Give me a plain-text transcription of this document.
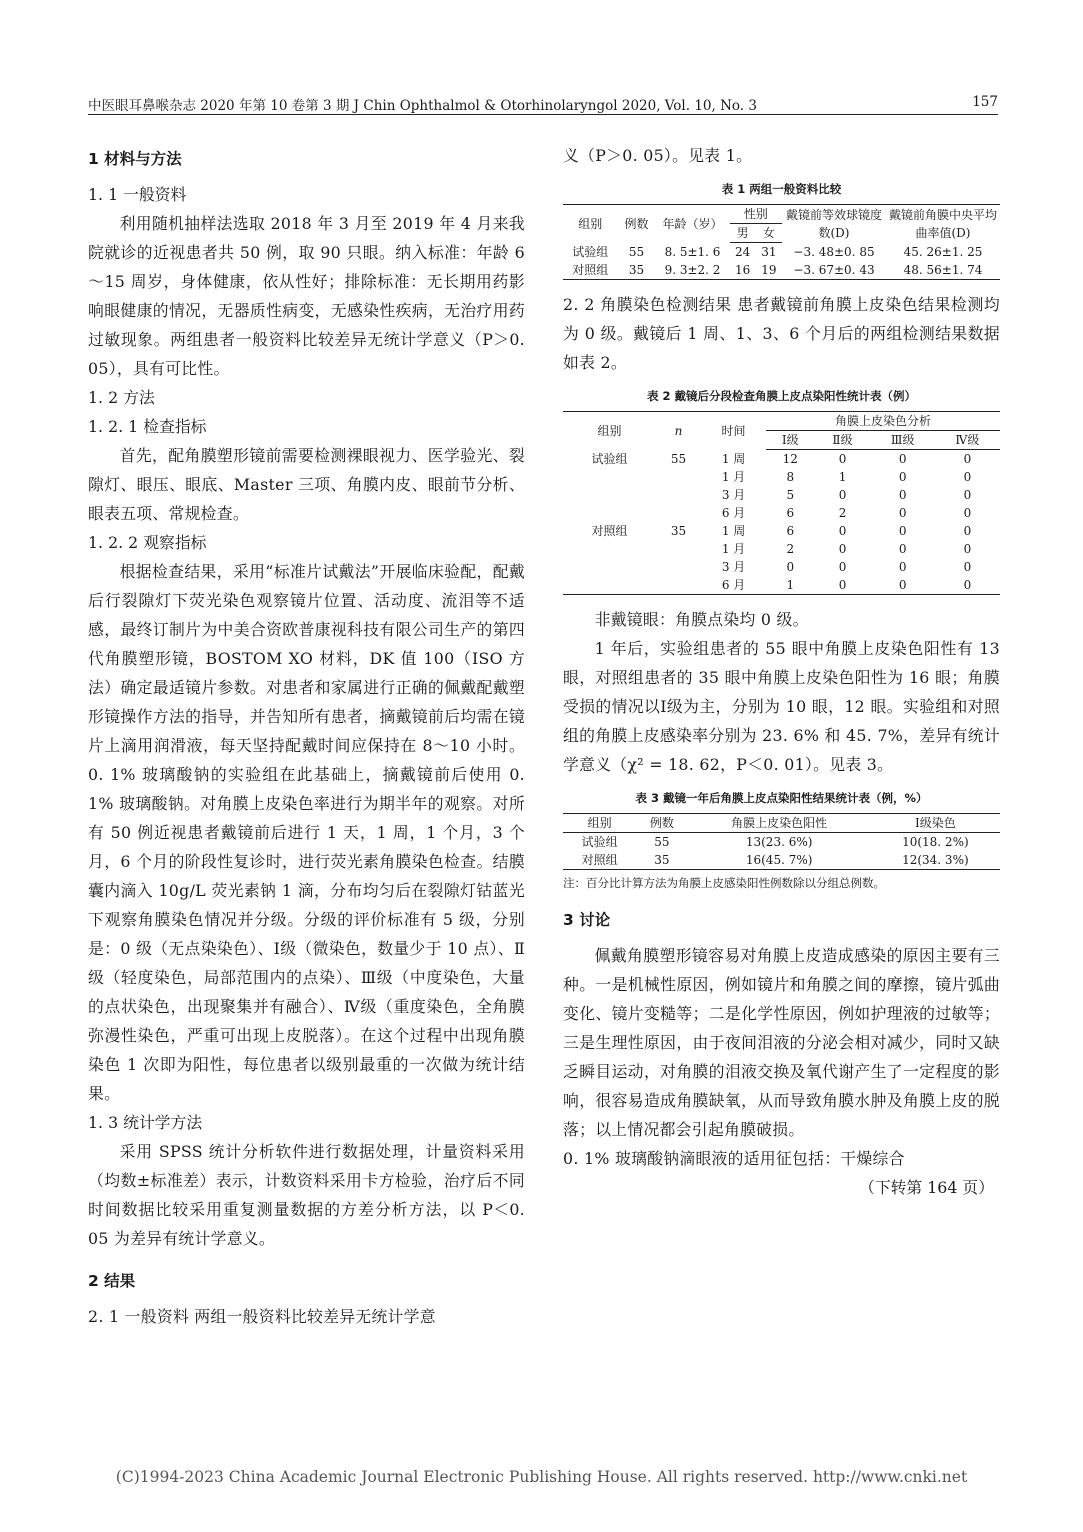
中医眼耳鼻喉杂志 2020 年第 10 卷第 3 期 J Chin Ophthalmol & Otorhinolaryngol 2020, Vol. 10, No. 3	157
1 材料与方法
1. 1 一般资料

利用随机抽样法选取 2018 年 3 月至 2019 年 4 月来我院就诊的近视患者共 50 例，取 90 只眼。纳入标准：年龄 6～15 周岁，身体健康，依从性好；排除标准：无长期用药影响眼健康的情况，无器质性病变，无感染性疾病，无治疗用药过敏现象。两组患者一般资料比较差异无统计学意义（P＞0. 05），具有可比性。

1. 2 方法
1. 2. 1 检查指标

首先，配角膜塑形镜前需要检测裸眼视力、医学验光、裂隙灯、眼压、眼底、Master 三项、角膜内皮、眼前节分析、眼表五项、常规检查。

1. 2. 2 观察指标

根据检查结果，采用“标准片试戴法”开展临床验配，配戴后行裂隙灯下荧光染色观察镜片位置、活动度、流泪等不适感，最终订制片为中美合资欧普康视科技有限公司生产的第四代角膜塑形镜，BOSTOM XO 材料，DK 值 100（ISO 方法）确定最适镜片参数。对患者和家属进行正确的佩戴配戴塑形镜操作方法的指导，并告知所有患者，摘戴镜前后均需在镜片上滴用润滑液，每天坚持配戴时间应保持在 8～10 小时。0. 1% 玻璃酸钠的实验组在此基础上，摘戴镜前后使用 0. 1% 玻璃酸钠。对角膜上皮染色率进行为期半年的观察。对所有 50 例近视患者戴镜前后进行 1 天，1 周，1 个月，3 个月，6 个月的阶段性复诊时，进行荧光素角膜染色检查。结膜囊内滴入 10g/L 荧光素钠 1 滴，分布均匀后在裂隙灯钴蓝光下观察角膜染色情况并分级。分级的评价标准有 5 级，分别是：0 级（无点染染色）、Ⅰ级（微染色，数量少于 10 点）、Ⅱ级（轻度染色，局部范围内的点染）、Ⅲ级（中度染色，大量的点状染色，出现聚集并有融合）、Ⅳ级（重度染色，全角膜弥漫性染色，严重可出现上皮脱落）。在这个过程中出现角膜染色 1 次即为阳性，每位患者以级别最重的一次做为统计结果。

1. 3 统计学方法

采用 SPSS 统计分析软件进行数据处理，计量资料采用（均数±标准差）表示，计数资料采用卡方检验，治疗后不同时间数据比较采用重复测量数据的方差分析方法，以 P＜0. 05 为差异有统计学意义。

2 结果

2. 1 一般资料 两组一般资料比较差异无统计学意

义（P＞0. 05）。见表 1。

表 1 两组一般资料比较
组别	例数	年龄（岁）	性别		戴镜前等效球镜度数(D)	戴镜前角膜中央平均曲率值(D)
			男	女		
试验组	55	8. 5±1. 6	24	31	−3. 48±0. 85	45. 26±1. 25
对照组	35	9. 3±2. 2	16	19	−3. 67±0. 43	48. 56±1. 74

2. 2 角膜染色检测结果 患者戴镜前角膜上皮染色结果检测均为 0 级。戴镜后 1 周、1、3、6 个月后的两组检测结果数据如表 2。

表 2 戴镜后分段检查角膜上皮点染阳性统计表（例）
组别	n	时间	角膜上皮染色分析			
			Ⅰ级	Ⅱ级	Ⅲ级	Ⅳ级
试验组	55	1 周	12	0	0	0
		1 月	8	1	0	0
		3 月	5	0	0	0
		6 月	6	2	0	0
对照组	35	1 周	6	0	0	0
		1 月	2	0	0	0
		3 月	0	0	0	0
		6 月	1	0	0	0

非戴镜眼：角膜点染均 0 级。

1 年后，实验组患者的 55 眼中角膜上皮染色阳性有 13 眼，对照组患者的 35 眼中角膜上皮染色阳性为 16 眼；角膜受损的情况以Ⅰ级为主，分别为 10 眼，12 眼。实验组和对照组的角膜上皮感染率分别为 23. 6% 和 45. 7%，差异有统计学意义（χ² = 18. 62，P＜0. 01）。见表 3。

表 3 戴镜一年后角膜上皮点染阳性结果统计表（例，%）
组别	例数	角膜上皮染色阳性	Ⅰ级染色
试验组	55	13(23. 6%)	10(18. 2%)
对照组	35	16(45. 7%)	12(34. 3%)
注：百分比计算方法为角膜上皮感染阳性例数除以分组总例数。
3 讨论

佩戴角膜塑形镜容易对角膜上皮造成感染的原因主要有三种。一是机械性原因，例如镜片和角膜之间的摩擦，镜片弧曲变化、镜片变糙等；二是化学性原因，例如护理液的过敏等；三是生理性原因，由于夜间泪液的分泌会相对减少，同时又缺乏瞬目运动，对角膜的泪液交换及氧代谢产生了一定程度的影响，很容易造成角膜缺氧，从而导致角膜水肿及角膜上皮的脱落；以上情况都会引起角膜破损。

0. 1% 玻璃酸钠滴眼液的适用征包括：干燥综合

（下转第 164 页）
(C)1994-2023 China Academic Journal Electronic Publishing House. All rights reserved. http://www.cnki.net
